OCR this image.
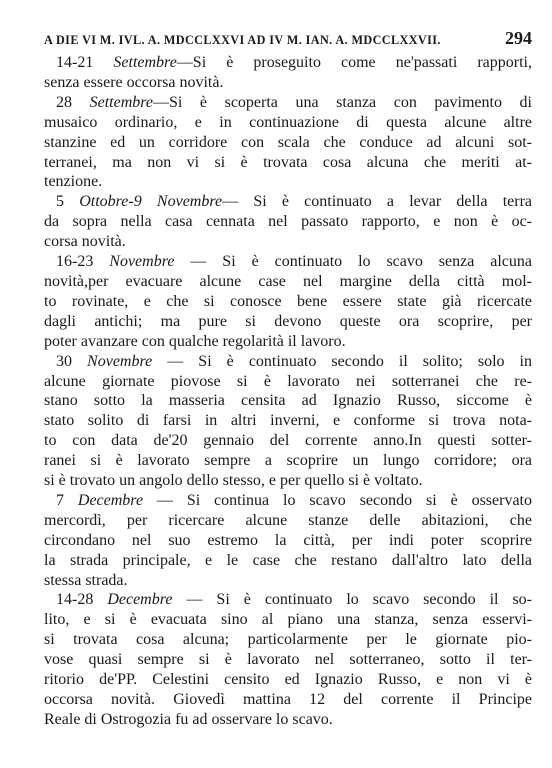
A DIE VI M. IVL. A. MDCCLXXVI AD IV M. IAN. A. MDCCLXXVII.	294
14-21 Settembre—Si è proseguito come ne'passati rapporti,
senza essere occorsa novità.
28 Settembre—Si è scoperta una stanza con pavimento di
musaico ordinario, e in continuazione di questa alcune altre
stanzine ed un corridore con scala che conduce ad alcuni sot-
terranei, ma non vi si è trovata cosa alcuna che meriti at-
tenzione.
5 Ottobre-9 Novembre— Si è continuato a levar della terra
da sopra nella casa cennata nel passato rapporto, e non è oc-
corsa novità.
16-23 Novembre — Si è continuato lo scavo senza alcuna
novità,per evacuare alcune case nel margine della città mol-
to rovinate, e che si conosce bene essere state già ricercate
dagli antichi; ma pure si devono queste ora scoprire, per
poter avanzare con qualche regolarità il lavoro.
30 Novembre — Si è continuato secondo il solito; solo in
alcune giornate piovose si è lavorato nei sotterranei che re-
stano sotto la masseria censita ad Ignazio Russo, siccome è
stato solito di farsi in altri inverni, e conforme si trova nota-
to con data de'20 gennaio del corrente anno.In questi sotter-
ranei si è lavorato sempre a scoprire un lungo corridore; ora
si è trovato un angolo dello stesso, e per quello si è voltato.
7 Decembre — Si continua lo scavo secondo si è osservato
mercordì, per ricercare alcune stanze delle abitazioni, che
circondano nel suo estremo la città, per indi poter scoprire
la strada principale, e le case che restano dall'altro lato della
stessa strada.
14-28 Decembre — Si è continuato lo scavo secondo il so-
lito, e si è evacuata sino al piano una stanza, senza esservi-
si trovata cosa alcuna; particolarmente per le giornate pio-
vose quasi sempre si è lavorato nel sotterraneo, sotto il ter-
ritorio de'PP. Celestini censito ed Ignazio Russo, e non vi è
occorsa novità. Giovedì mattina 12 del corrente il Principe
Reale di Ostrogozia fu ad osservare lo scavo.
